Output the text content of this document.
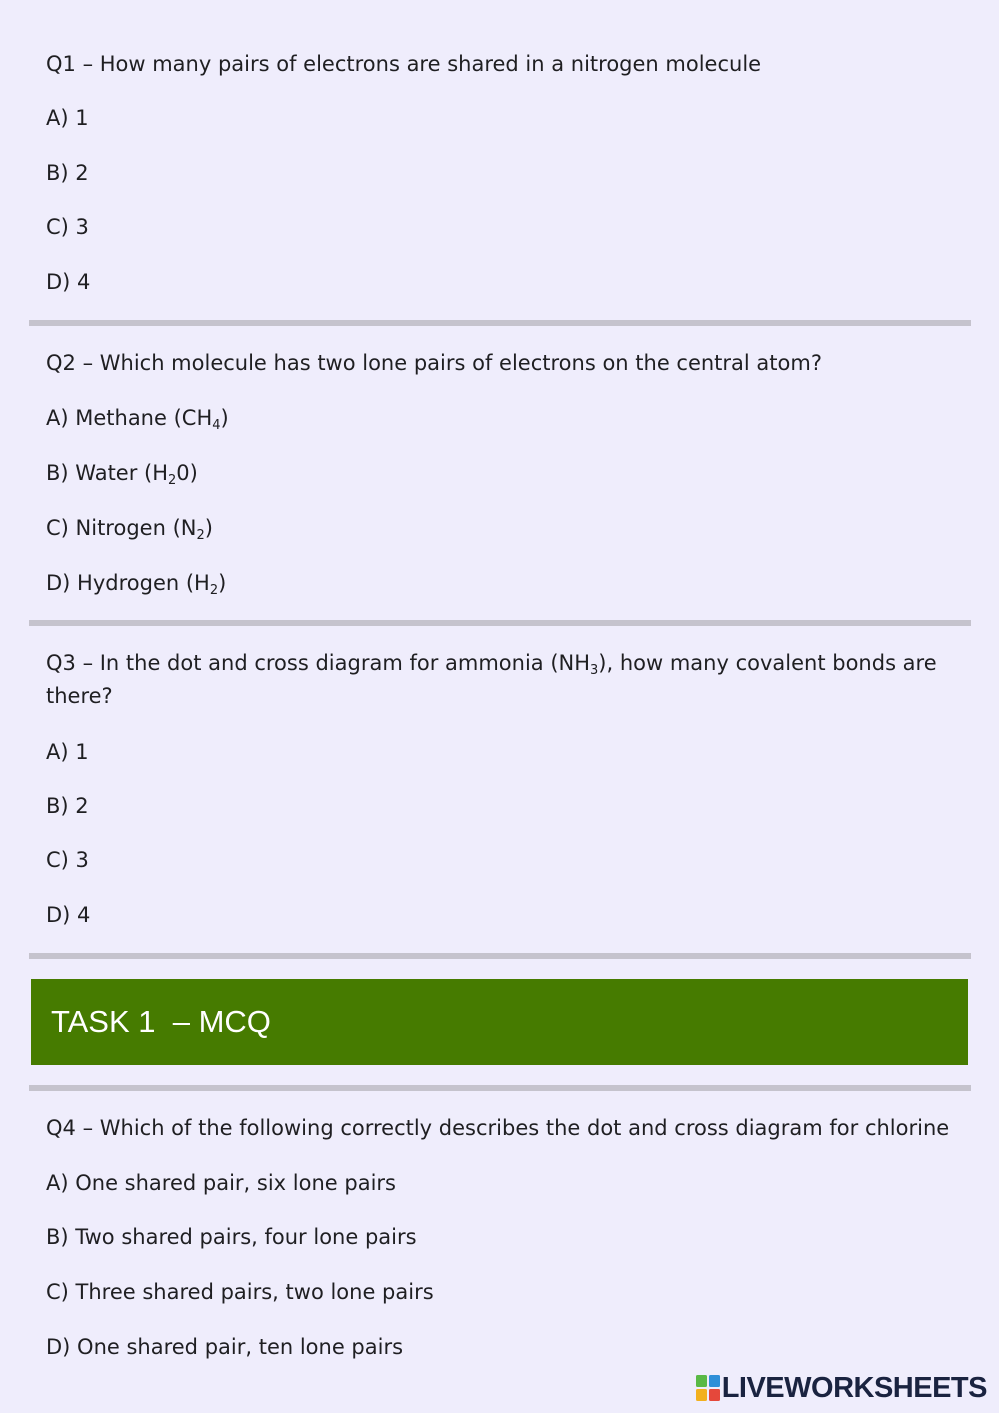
Q1 – How many pairs of electrons are shared in a nitrogen molecule
A) 1
B) 2
C) 3
D) 4
Q2 – Which molecule has two lone pairs of electrons on the central atom?
A) Methane $(CH_4)$
B) Water $(H_20)$
C) Nitrogen $(N_2)$
D) Hydrogen $(H_2)$
Q3 – In the dot and cross diagram for ammonia $(NH_3)$, how many covalent bonds are there?
A) 1
B) 2
C) 3
D) 4
TASK 1  – MCQ
Q4 – Which of the following correctly describes the dot and cross diagram for chlorine
A) One shared pair, six lone pairs
B) Two shared pairs, four lone pairs
C) Three shared pairs, two lone pairs
D) One shared pair, ten lone pairs
LIVEWORKSHEETS
